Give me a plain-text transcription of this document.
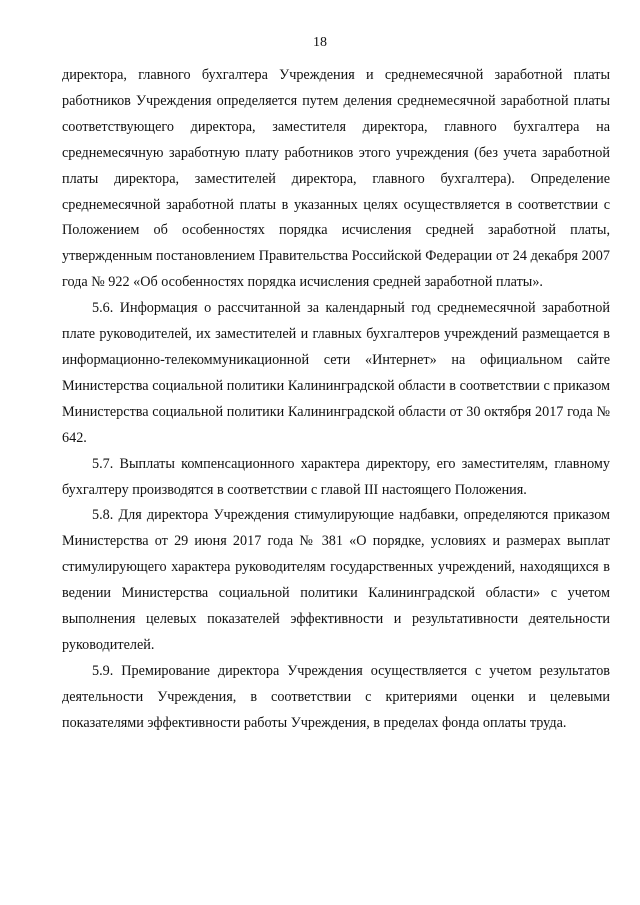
18

директора, главного бухгалтера Учреждения и среднемесячной заработной платы работников Учреждения определяется путем деления среднемесячной заработной платы соответствующего директора, заместителя директора, главного бухгалтера на среднемесячную заработную плату работников этого учреждения (без учета заработной платы директора, заместителей директора, главного бухгалтера). Определение среднемесячной заработной платы в указанных целях осуществляется в соответствии с Положением об особенностях порядка исчисления средней заработной платы, утвержденным постановлением Правительства Российской Федерации от 24 декабря 2007 года № 922 «Об особенностях порядка исчисления средней заработной платы».

5.6. Информация о рассчитанной за календарный год среднемесячной заработной плате руководителей, их заместителей и главных бухгалтеров учреждений размещается в информационно-телекоммуникационной сети «Интернет» на официальном сайте Министерства социальной политики Калининградской области в соответствии с приказом Министерства социальной политики Калининградской области от 30 октября 2017 года № 642.

5.7. Выплаты компенсационного характера директору, его заместителям, главному бухгалтеру производятся в соответствии с главой III настоящего Положения.

5.8. Для директора Учреждения стимулирующие надбавки, определяются приказом Министерства от 29 июня 2017 года № 381 «О порядке, условиях и размерах выплат стимулирующего характера руководителям государственных учреждений, находящихся в ведении Министерства социальной политики Калининградской области» с учетом выполнения целевых показателей эффективности и результативности деятельности руководителей.

5.9. Премирование директора Учреждения осуществляется с учетом результатов деятельности Учреждения, в соответствии с критериями оценки и целевыми показателями эффективности работы Учреждения, в пределах фонда оплаты труда.
